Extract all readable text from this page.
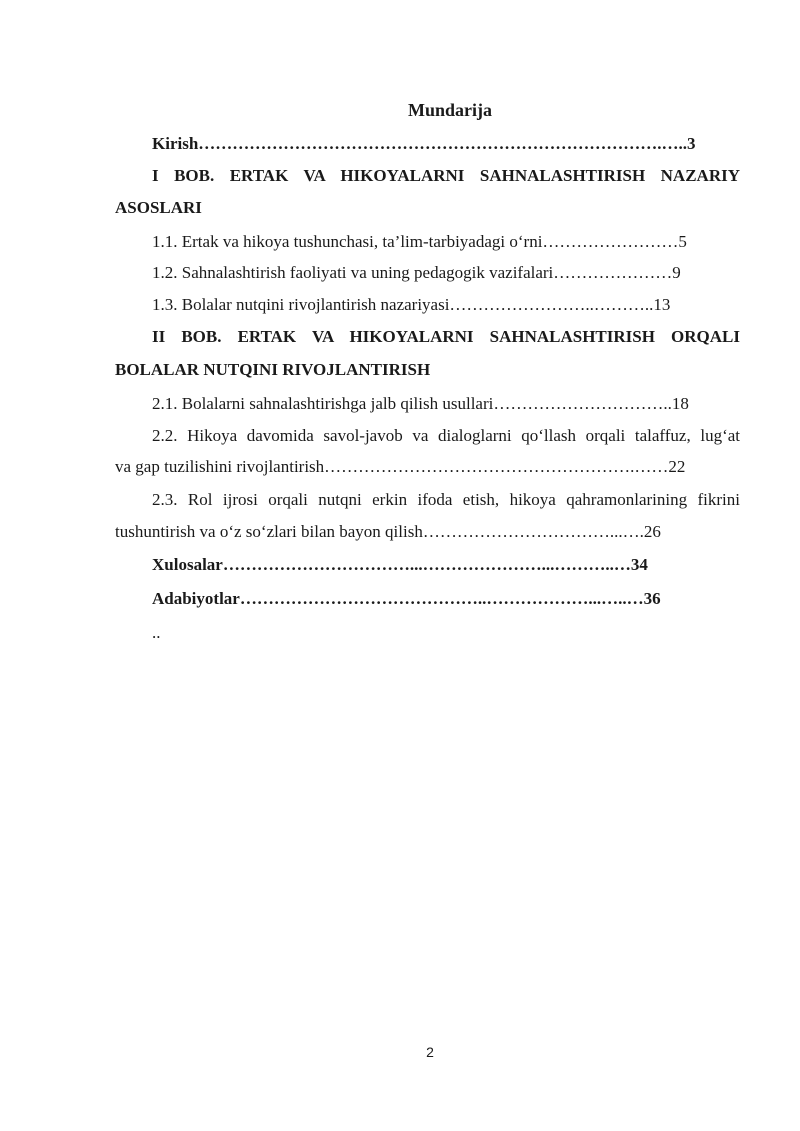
Mundarija
Kirish……………………………………………………………………….…..3
I BOB. ERTAK VA HIKOYALARNI SAHNALASHTIRISH NAZARIY
ASOSLARI
1.1. Ertak va hikoya tushunchasi, ta’lim-tarbiyadagi o‘rni……………………5
1.2. Sahnalashtirish faoliyati va uning pedagogik vazifalari…………………9
1.3. Bolalar nutqini rivojlantirish nazariyasi……………………..………..13
II BOB. ERTAK VA HIKOYALARNI SAHNALASHTIRISH ORQALI
BOLALAR NUTQINI RIVOJLANTIRISH
2.1. Bolalarni sahnalashtirishga jalb qilish usullari…………………………..18
2.2. Hikoya davomida savol-javob va dialoglarni qo‘llash orqali talaffuz, lug‘at
va gap tuzilishini rivojlantirish……………………………………………….……22
2.3. Rol ijrosi orqali nutqni erkin ifoda etish, hikoya qahramonlarining fikrini
tushuntirish va o‘z so‘zlari bilan bayon qilish……………………………...….26
Xulosalar……………………………...…………………...………..…34
Adabiyotlar……………………………………..………………...…..…36
..
2
